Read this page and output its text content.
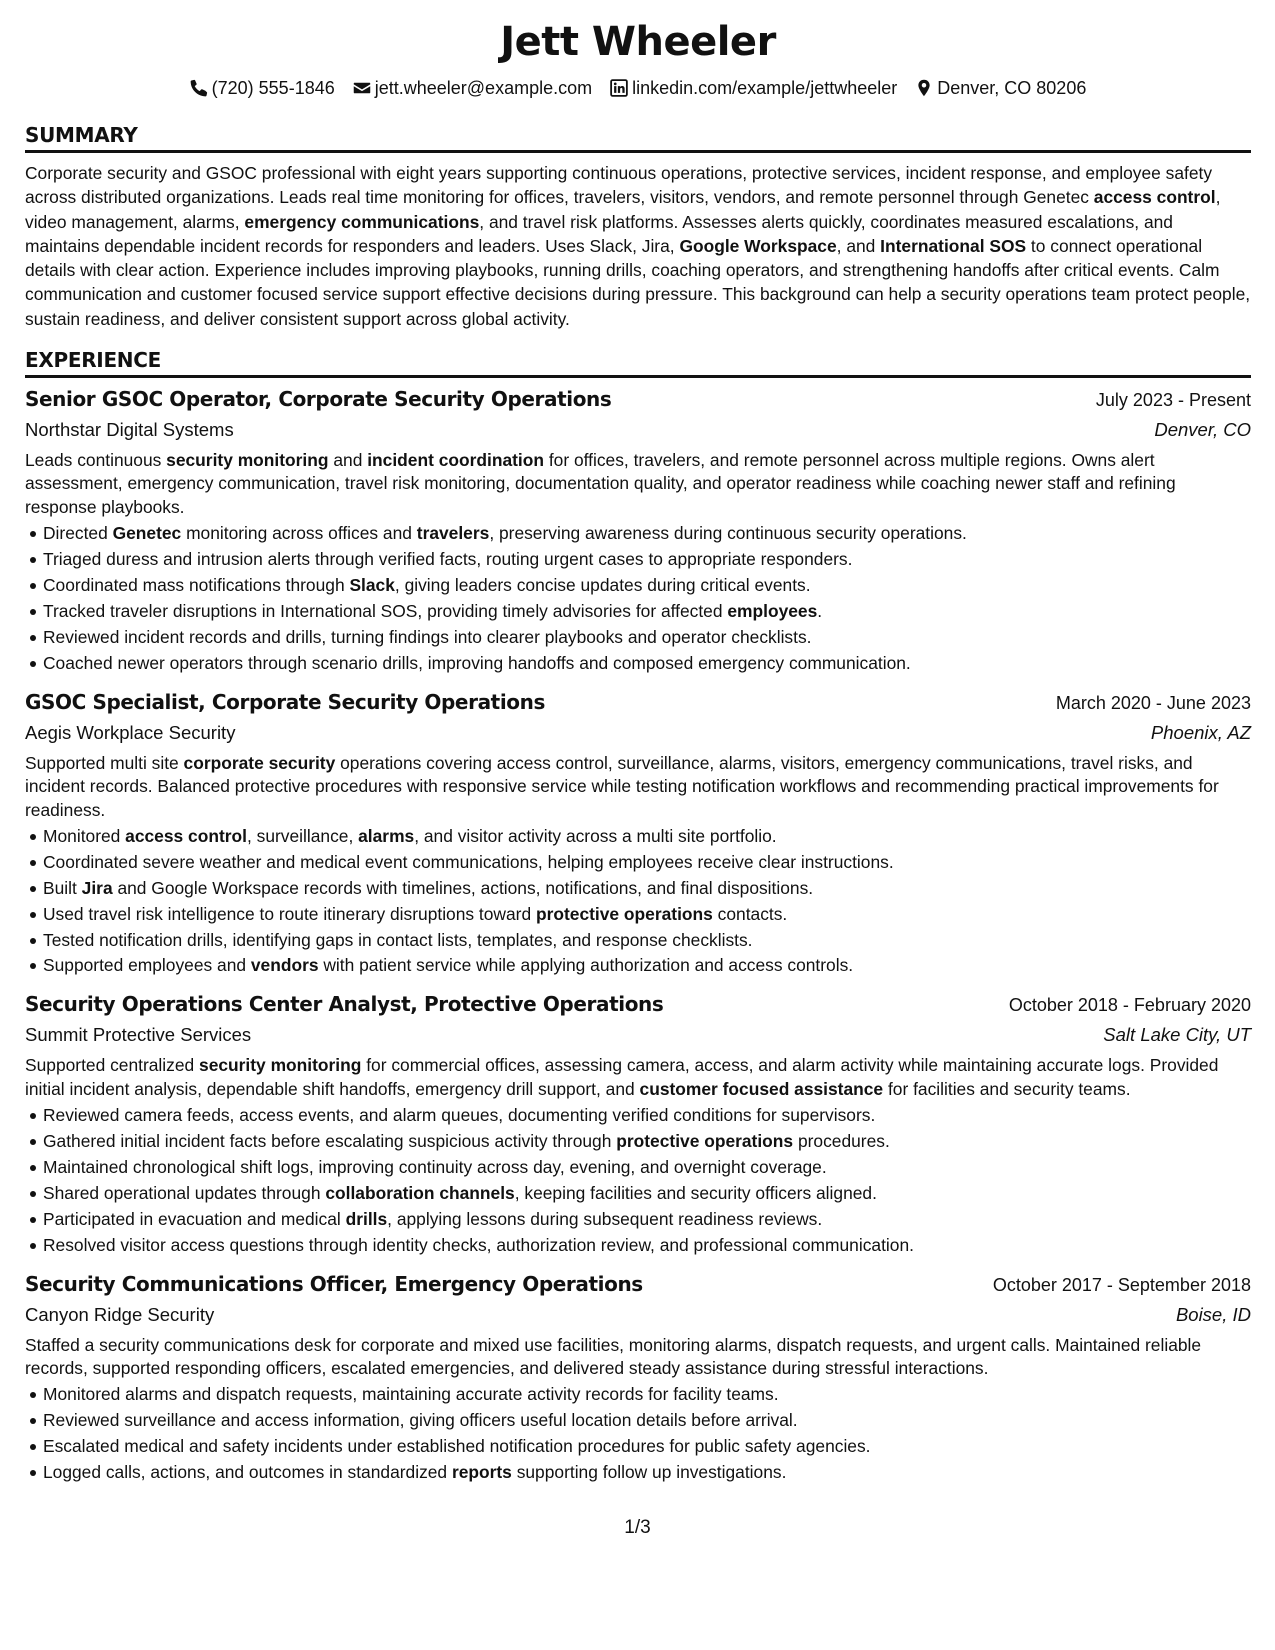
Jett Wheeler
(720) 555-1846 jett.wheeler@example.com linkedin.com/example/jettwheeler Denver, CO 80206
SUMMARY

Corporate security and GSOC professional with eight years supporting continuous operations, protective services, incident response, and employee safety across distributed organizations. Leads real time monitoring for offices, travelers, visitors, vendors, and remote personnel through Genetec access control, video management, alarms, emergency communications, and travel risk platforms. Assesses alerts quickly, coordinates measured escalations, and maintains dependable incident records for responders and leaders. Uses Slack, Jira, Google Workspace, and International SOS to connect operational details with clear action. Experience includes improving playbooks, running drills, coaching operators, and strengthening handoffs after critical events. Calm communication and customer focused service support effective decisions during pressure. This background can help a security operations team protect people, sustain readiness, and deliver consistent support across global activity.

EXPERIENCE
Senior GSOC Operator, Corporate Security Operations	July 2023 - Present
Northstar Digital Systems	Denver, CO

Leads continuous security monitoring and incident coordination for offices, travelers, and remote personnel across multiple regions. Owns alert assessment, emergency communication, travel risk monitoring, documentation quality, and operator readiness while coaching newer staff and refining response playbooks.

Directed Genetec monitoring across offices and travelers, preserving awareness during continuous security operations.
Triaged duress and intrusion alerts through verified facts, routing urgent cases to appropriate responders.
Coordinated mass notifications through Slack, giving leaders concise updates during critical events.
Tracked traveler disruptions in International SOS, providing timely advisories for affected employees.
Reviewed incident records and drills, turning findings into clearer playbooks and operator checklists.
Coached newer operators through scenario drills, improving handoffs and composed emergency communication.
GSOC Specialist, Corporate Security Operations	March 2020 - June 2023
Aegis Workplace Security	Phoenix, AZ

Supported multi site corporate security operations covering access control, surveillance, alarms, visitors, emergency communications, travel risks, and incident records. Balanced protective procedures with responsive service while testing notification workflows and recommending practical improvements for readiness.

Monitored access control, surveillance, alarms, and visitor activity across a multi site portfolio.
Coordinated severe weather and medical event communications, helping employees receive clear instructions.
Built Jira and Google Workspace records with timelines, actions, notifications, and final dispositions.
Used travel risk intelligence to route itinerary disruptions toward protective operations contacts.
Tested notification drills, identifying gaps in contact lists, templates, and response checklists.
Supported employees and vendors with patient service while applying authorization and access controls.
Security Operations Center Analyst, Protective Operations	October 2018 - February 2020
Summit Protective Services	Salt Lake City, UT

Supported centralized security monitoring for commercial offices, assessing camera, access, and alarm activity while maintaining accurate logs. Provided initial incident analysis, dependable shift handoffs, emergency drill support, and customer focused assistance for facilities and security teams.

Reviewed camera feeds, access events, and alarm queues, documenting verified conditions for supervisors.
Gathered initial incident facts before escalating suspicious activity through protective operations procedures.
Maintained chronological shift logs, improving continuity across day, evening, and overnight coverage.
Shared operational updates through collaboration channels, keeping facilities and security officers aligned.
Participated in evacuation and medical drills, applying lessons during subsequent readiness reviews.
Resolved visitor access questions through identity checks, authorization review, and professional communication.
Security Communications Officer, Emergency Operations	October 2017 - September 2018
Canyon Ridge Security	Boise, ID

Staffed a security communications desk for corporate and mixed use facilities, monitoring alarms, dispatch requests, and urgent calls. Maintained reliable records, supported responding officers, escalated emergencies, and delivered steady assistance during stressful interactions.

Monitored alarms and dispatch requests, maintaining accurate activity records for facility teams.
Reviewed surveillance and access information, giving officers useful location details before arrival.
Escalated medical and safety incidents under established notification procedures for public safety agencies.
Logged calls, actions, and outcomes in standardized reports supporting follow up investigations.
1/3
